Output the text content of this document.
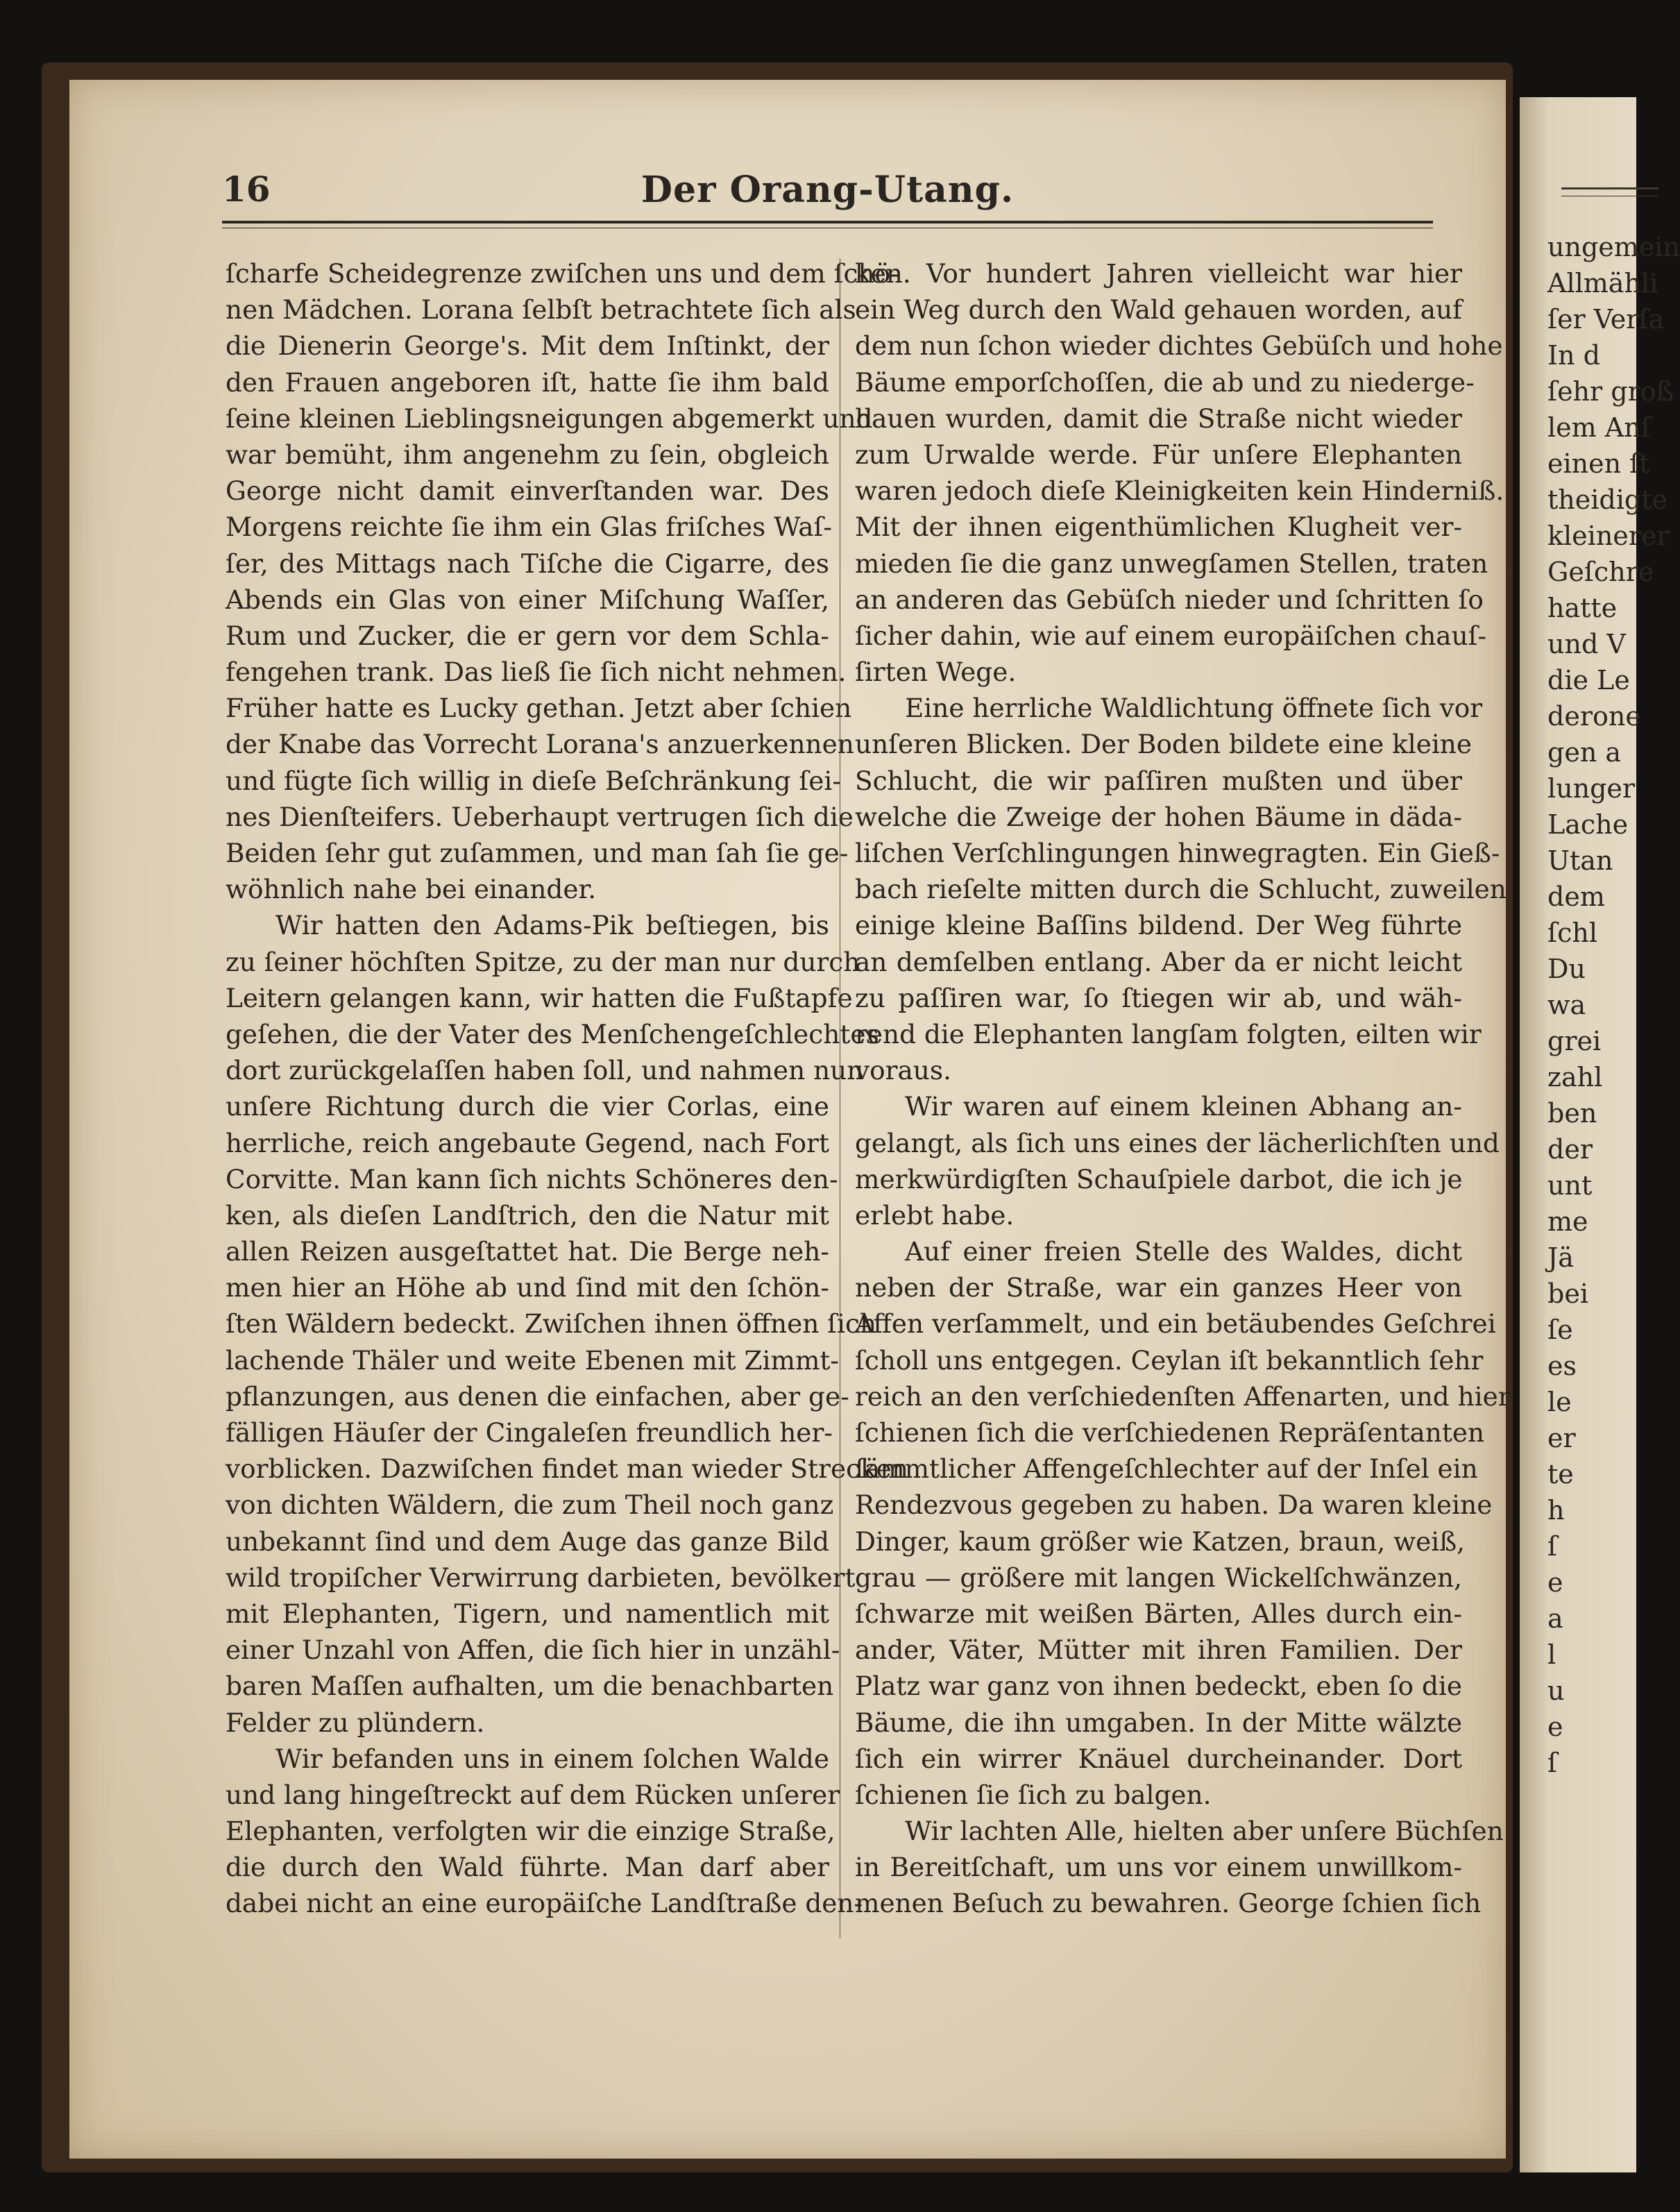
ungemein
Allmähli
ſer Verſa
In d
ſehr groß
lem Anſ
einen ſt
theidigte
kleinerer
Geſchre
hatte
und V
die Le
derone
gen a
lunger
Lache
Utan
dem
ſchl
Du
wa
grei
zahl
ben
der
unt
me
Jä
bei
ſe
es
le
er
te
h
ſ
e
a
l
u
e
ſ
16	Der Orang-Utang.
ſcharfe Scheidegrenze zwiſchen uns und dem ſchö-
nen Mädchen. Lorana ſelbſt betrachtete ſich als
die Dienerin George's. Mit dem Inſtinkt, der
den Frauen angeboren iſt, hatte ſie ihm bald
ſeine kleinen Lieblingsneigungen abgemerkt und
war bemüht, ihm angenehm zu ſein, obgleich
George nicht damit einverſtanden war. Des
Morgens reichte ſie ihm ein Glas friſches Waſ-
ſer, des Mittags nach Tiſche die Cigarre, des
Abends ein Glas von einer Miſchung Waſſer,
Rum und Zucker, die er gern vor dem Schla-
fengehen trank. Das ließ ſie ſich nicht nehmen.
Früher hatte es Lucky gethan. Jetzt aber ſchien
der Knabe das Vorrecht Lorana's anzuerkennen
und fügte ſich willig in dieſe Beſchränkung ſei-
nes Dienſteifers. Ueberhaupt vertrugen ſich die
Beiden ſehr gut zuſammen, und man ſah ſie ge-
wöhnlich nahe bei einander.
Wir hatten den Adams-Pik beſtiegen, bis
zu ſeiner höchſten Spitze, zu der man nur durch
Leitern gelangen kann, wir hatten die Fußtapfe
geſehen, die der Vater des Menſchengeſchlechtes
dort zurückgelaſſen haben ſoll, und nahmen nun
unſere Richtung durch die vier Corlas, eine
herrliche, reich angebaute Gegend, nach Fort
Corvitte. Man kann ſich nichts Schöneres den-
ken, als dieſen Landſtrich, den die Natur mit
allen Reizen ausgeſtattet hat. Die Berge neh-
men hier an Höhe ab und ſind mit den ſchön-
ſten Wäldern bedeckt. Zwiſchen ihnen öffnen ſich
lachende Thäler und weite Ebenen mit Zimmt-
pflanzungen, aus denen die einfachen, aber ge-
fälligen Häuſer der Cingaleſen freundlich her-
vorblicken. Dazwiſchen findet man wieder Strecken
von dichten Wäldern, die zum Theil noch ganz
unbekannt ſind und dem Auge das ganze Bild
wild tropiſcher Verwirrung darbieten, bevölkert
mit Elephanten, Tigern, und namentlich mit
einer Unzahl von Affen, die ſich hier in unzähl-
baren Maſſen aufhalten, um die benachbarten
Felder zu plündern.
Wir befanden uns in einem ſolchen Walde
und lang hingeſtreckt auf dem Rücken unſerer
Elephanten, verfolgten wir die einzige Straße,
die durch den Wald führte. Man darf aber
dabei nicht an eine europäiſche Landſtraße den-
ken. Vor hundert Jahren vielleicht war hier
ein Weg durch den Wald gehauen worden, auf
dem nun ſchon wieder dichtes Gebüſch und hohe
Bäume emporſchoſſen, die ab und zu niederge-
hauen wurden, damit die Straße nicht wieder
zum Urwalde werde. Für unſere Elephanten
waren jedoch dieſe Kleinigkeiten kein Hinderniß.
Mit der ihnen eigenthümlichen Klugheit ver-
mieden ſie die ganz unwegſamen Stellen, traten
an anderen das Gebüſch nieder und ſchritten ſo
ſicher dahin, wie auf einem europäiſchen chauſ-
ſirten Wege.
Eine herrliche Waldlichtung öffnete ſich vor
unſeren Blicken. Der Boden bildete eine kleine
Schlucht, die wir paſſiren mußten und über
welche die Zweige der hohen Bäume in däda-
liſchen Verſchlingungen hinwegragten. Ein Gieß-
bach rieſelte mitten durch die Schlucht, zuweilen
einige kleine Baſſins bildend. Der Weg führte
an demſelben entlang. Aber da er nicht leicht
zu paſſiren war, ſo ſtiegen wir ab, und wäh-
rend die Elephanten langſam folgten, eilten wir
voraus.
Wir waren auf einem kleinen Abhang an-
gelangt, als ſich uns eines der lächerlichſten und
merkwürdigſten Schauſpiele darbot, die ich je
erlebt habe.
Auf einer freien Stelle des Waldes, dicht
neben der Straße, war ein ganzes Heer von
Affen verſammelt, und ein betäubendes Geſchrei
ſcholl uns entgegen. Ceylan iſt bekanntlich ſehr
reich an den verſchiedenſten Affenarten, und hier
ſchienen ſich die verſchiedenen Repräſentanten
ſämmtlicher Affengeſchlechter auf der Inſel ein
Rendezvous gegeben zu haben. Da waren kleine
Dinger, kaum größer wie Katzen, braun, weiß,
grau — größere mit langen Wickelſchwänzen,
ſchwarze mit weißen Bärten, Alles durch ein-
ander, Väter, Mütter mit ihren Familien. Der
Platz war ganz von ihnen bedeckt, eben ſo die
Bäume, die ihn umgaben. In der Mitte wälzte
ſich ein wirrer Knäuel durcheinander. Dort
ſchienen ſie ſich zu balgen.
Wir lachten Alle, hielten aber unſere Büchſen
in Bereitſchaft, um uns vor einem unwillkom-
menen Beſuch zu bewahren. George ſchien ſich
